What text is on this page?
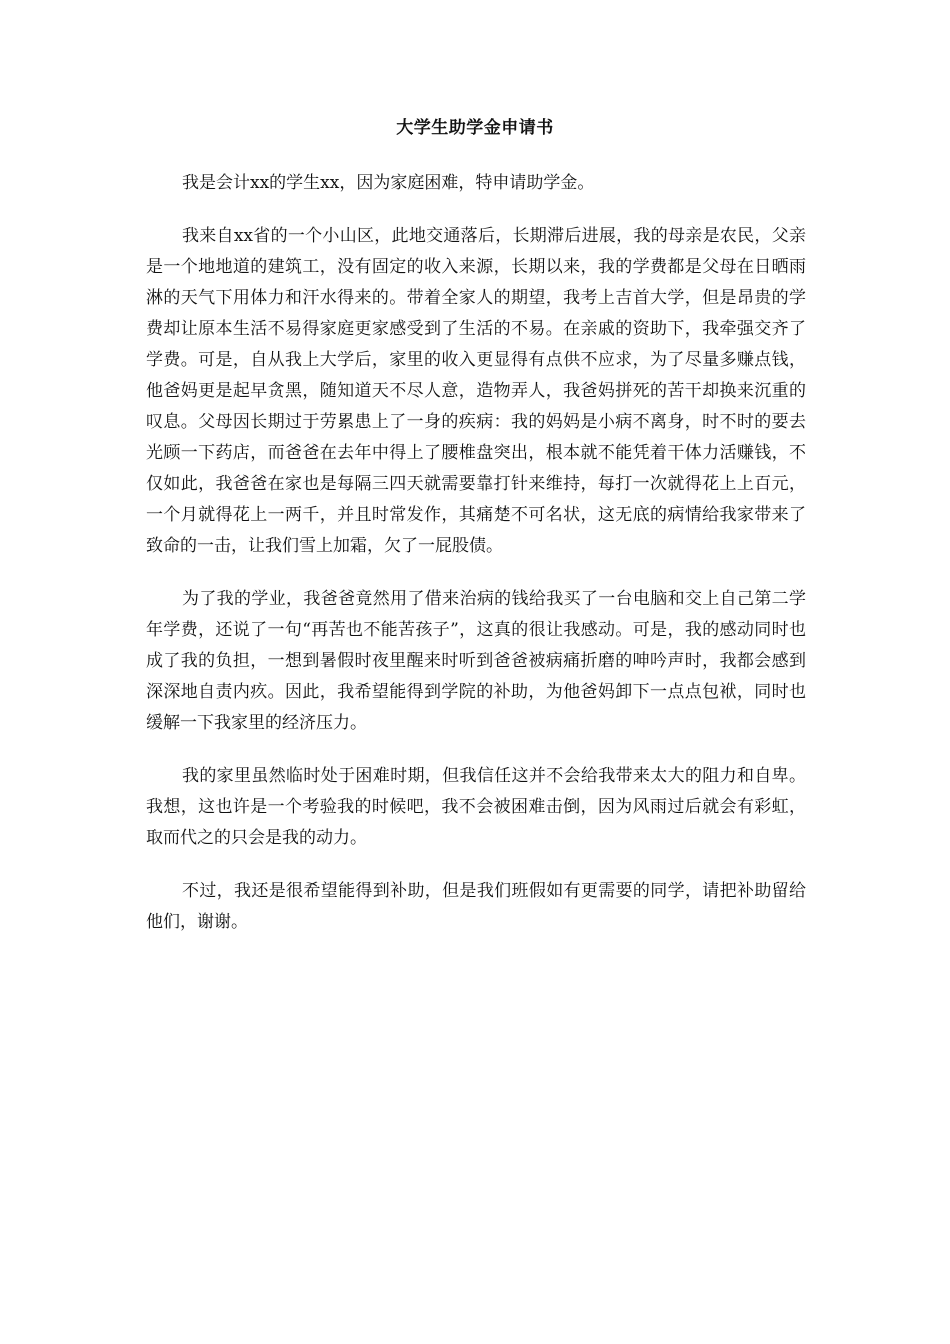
大学生助学金申请书

我是会计xx的学生xx，因为家庭困难，特申请助学金。

我来自xx省的一个小山区，此地交通落后，长期滞后进展，我的母亲是农民，父亲是一个地地道的建筑工，没有固定的收入来源，长期以来，我的学费都是父母在日晒雨淋的天气下用体力和汗水得来的。带着全家人的期望，我考上吉首大学，但是昂贵的学费却让原本生活不易得家庭更家感受到了生活的不易。在亲戚的资助下，我牵强交齐了学费。可是，自从我上大学后，家里的收入更显得有点供不应求，为了尽量多赚点钱，他爸妈更是起早贪黑，随知道天不尽人意，造物弄人，我爸妈拼死的苦干却换来沉重的叹息。父母因长期过于劳累患上了一身的疾病：我的妈妈是小病不离身，时不时的要去光顾一下药店，而爸爸在去年中得上了腰椎盘突出，根本就不能凭着干体力活赚钱，不仅如此，我爸爸在家也是每隔三四天就需要靠打针来维持，每打一次就得花上上百元，一个月就得花上一两千，并且时常发作，其痛楚不可名状，这无底的病情给我家带来了致命的一击，让我们雪上加霜，欠了一屁股债。

为了我的学业，我爸爸竟然用了借来治病的钱给我买了一台电脑和交上自己第二学年学费，还说了一句“再苦也不能苦孩子”，这真的很让我感动。可是，我的感动同时也成了我的负担，一想到暑假时夜里醒来时听到爸爸被病痛折磨的呻吟声时，我都会感到深深地自责内疚。因此，我希望能得到学院的补助，为他爸妈卸下一点点包袱，同时也缓解一下我家里的经济压力。

我的家里虽然临时处于困难时期，但我信任这并不会给我带来太大的阻力和自卑。我想，这也许是一个考验我的时候吧，我不会被困难击倒，因为风雨过后就会有彩虹，取而代之的只会是我的动力。

不过，我还是很希望能得到补助，但是我们班假如有更需要的同学，请把补助留给他们，谢谢。
